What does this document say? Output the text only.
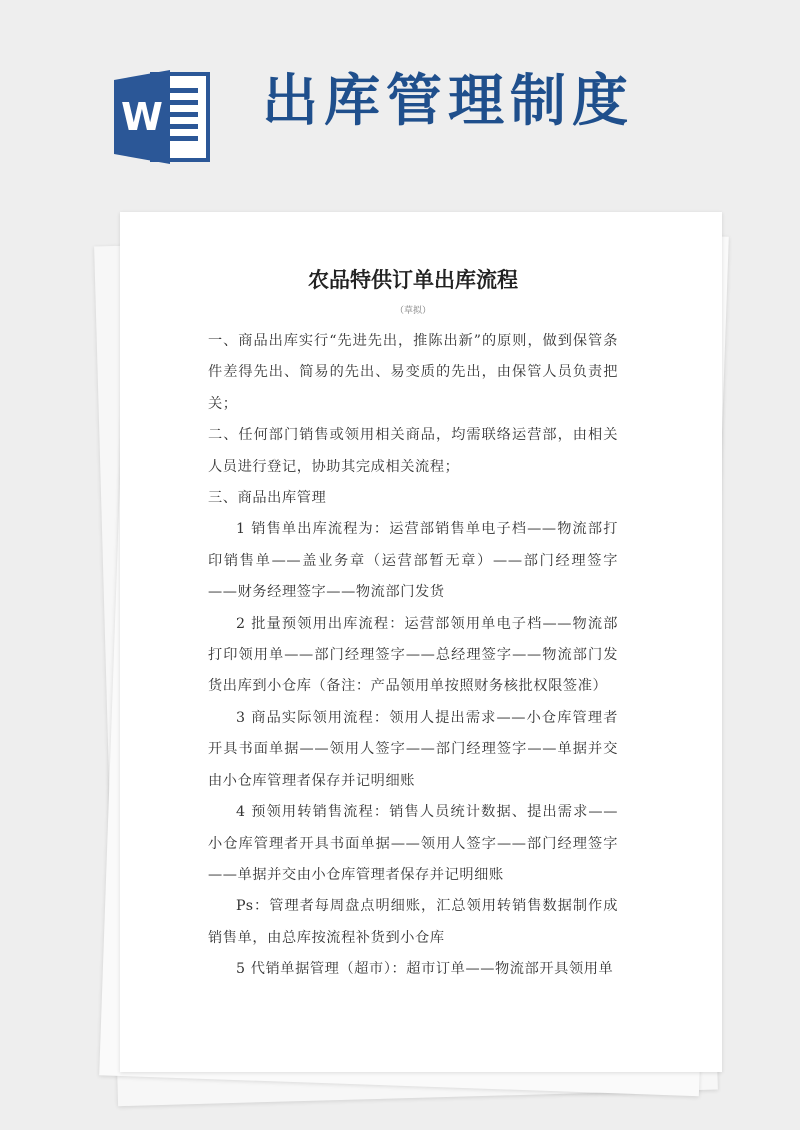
W 出库管理制度
农品特供订单出库流程

（草拟）

一、商品出库实行“先进先出，推陈出新”的原则，做到保管条件差得先出、简易的先出、易变质的先出，由保管人员负责把关；

二、任何部门销售或领用相关商品，均需联络运营部，由相关人员进行登记，协助其完成相关流程；

三、商品出库管理

1 销售单出库流程为：运营部销售单电子档——物流部打印销售单——盖业务章（运营部暂无章）——部门经理签字——财务经理签字——物流部门发货

2 批量预领用出库流程：运营部领用单电子档——物流部打印领用单——部门经理签字——总经理签字——物流部门发货出库到小仓库（备注：产品领用单按照财务核批权限签准）

3 商品实际领用流程：领用人提出需求——小仓库管理者开具书面单据——领用人签字——部门经理签字——单据并交由小仓库管理者保存并记明细账

4 预领用转销售流程：销售人员统计数据、提出需求——小仓库管理者开具书面单据——领用人签字——部门经理签字——单据并交由小仓库管理者保存并记明细账

Ps：管理者每周盘点明细账，汇总领用转销售数据制作成销售单，由总库按流程补货到小仓库

5 代销单据管理（超市）：超市订单——物流部开具领用单
